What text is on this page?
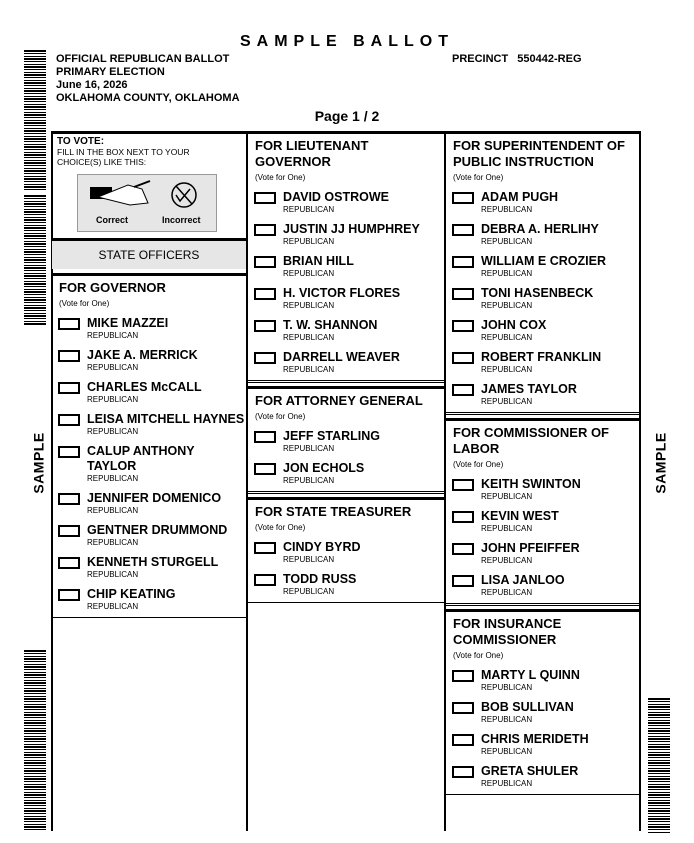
SAMPLE BALLOT
OFFICIAL REPUBLICAN BALLOT
PRIMARY ELECTION
June 16, 2026
OKLAHOMA COUNTY, OKLAHOMA
PRECINCT 550442-REG
Page 1 / 2
SAMPLE	SAMPLE
TO VOTE:
FILL IN THE BOX NEXT TO YOUR CHOICE(S) LIKE THIS:
Correct	Incorrect
STATE OFFICERS
FOR GOVERNOR
(Vote for One)
MIKE MAZZEI
REPUBLICAN
JAKE A. MERRICK
REPUBLICAN
CHARLES McCALL
REPUBLICAN
LEISA MITCHELL HAYNES
REPUBLICAN
CALUP ANTHONY TAYLOR
REPUBLICAN
JENNIFER DOMENICO
REPUBLICAN
GENTNER DRUMMOND
REPUBLICAN
KENNETH STURGELL
REPUBLICAN
CHIP KEATING
REPUBLICAN
FOR LIEUTENANT GOVERNOR
(Vote for One)
DAVID OSTROWE
REPUBLICAN
JUSTIN JJ HUMPHREY
REPUBLICAN
BRIAN HILL
REPUBLICAN
H. VICTOR FLORES
REPUBLICAN
T. W. SHANNON
REPUBLICAN
DARRELL WEAVER
REPUBLICAN
FOR ATTORNEY GENERAL
(Vote for One)
JEFF STARLING
REPUBLICAN
JON ECHOLS
REPUBLICAN
FOR STATE TREASURER
(Vote for One)
CINDY BYRD
REPUBLICAN
TODD RUSS
REPUBLICAN
FOR SUPERINTENDENT OF PUBLIC INSTRUCTION
(Vote for One)
ADAM PUGH
REPUBLICAN
DEBRA A. HERLIHY
REPUBLICAN
WILLIAM E CROZIER
REPUBLICAN
TONI HASENBECK
REPUBLICAN
JOHN COX
REPUBLICAN
ROBERT FRANKLIN
REPUBLICAN
JAMES TAYLOR
REPUBLICAN
FOR COMMISSIONER OF LABOR
(Vote for One)
KEITH SWINTON
REPUBLICAN
KEVIN WEST
REPUBLICAN
JOHN PFEIFFER
REPUBLICAN
LISA JANLOO
REPUBLICAN
FOR INSURANCE COMMISSIONER
(Vote for One)
MARTY L QUINN
REPUBLICAN
BOB SULLIVAN
REPUBLICAN
CHRIS MERIDETH
REPUBLICAN
GRETA SHULER
REPUBLICAN
